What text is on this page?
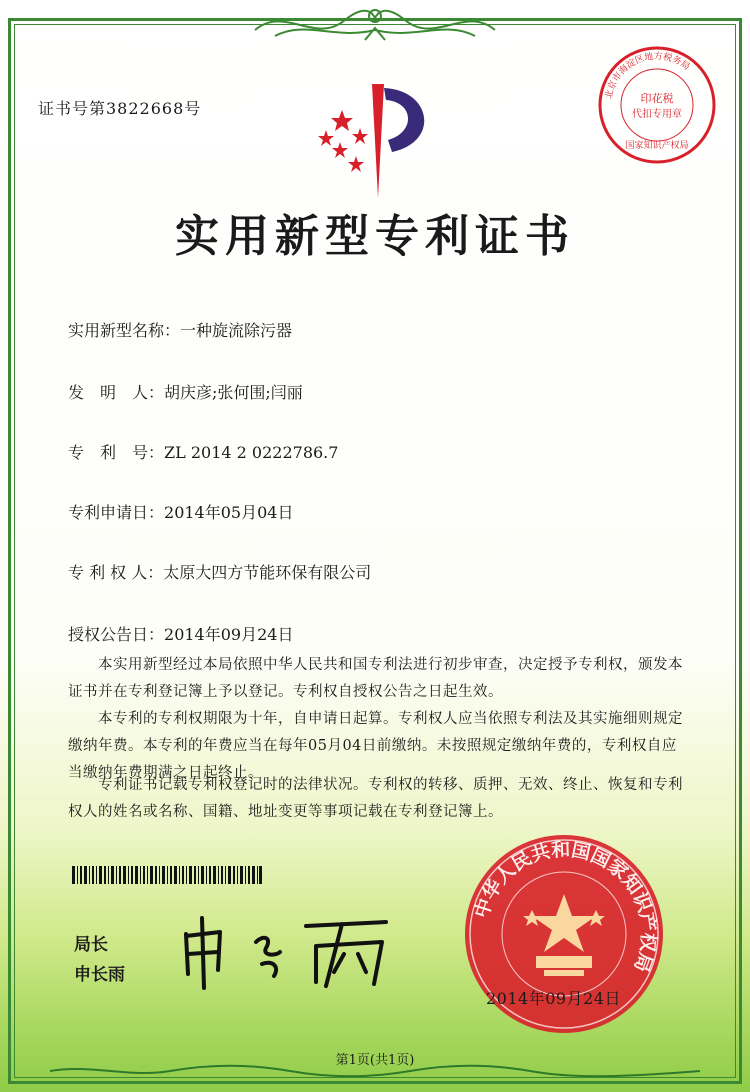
证书号第3822668号
北京市海淀区地方税务局
印花税
代扣专用章
国家知识产权局
实用新型专利证书
实用新型名称：一种旋流除污器
发　明　人：胡庆彦;张何围;闫丽
专　利　号：ZL 2014 2 0222786.7
专利申请日：2014年05月04日
专 利 权 人：太原大四方节能环保有限公司
授权公告日：2014年09月24日
本实用新型经过本局依照中华人民共和国专利法进行初步审查，决定授予专利权，颁发本证书并在专利登记簿上予以登记。专利权自授权公告之日起生效。
本专利的专利权期限为十年，自申请日起算。专利权人应当依照专利法及其实施细则规定缴纳年费。本专利的年费应当在每年05月04日前缴纳。未按照规定缴纳年费的，专利权自应当缴纳年费期满之日起终止。
专利证书记载专利权登记时的法律状况。专利权的转移、质押、无效、终止、恢复和专利权人的姓名或名称、国籍、地址变更等事项记载在专利登记簿上。
局长
申长雨
中华人民共和国国家知识产权局
2014年09月24日
第1页(共1页)
